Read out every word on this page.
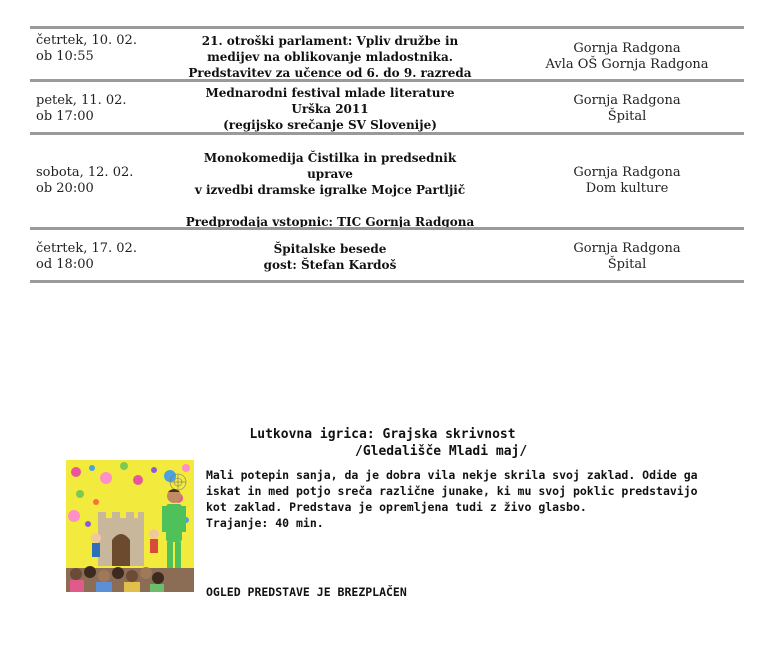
četrtek, 10. 02.
ob 10:55
21. otroški parlament: Vpliv družbe in
medijev na oblikovanje mladostnika.
Predstavitev za učence od 6. do 9. razreda
Gornja Radgona
Avla OŠ Gornja Radgona
petek, 11. 02.
ob 17:00
Mednarodni festival mlade literature
Urška 2011
(regijsko srečanje SV Slovenije)
Gornja Radgona
Špital
sobota, 12. 02.
ob 20:00
Monokomedija Čistilka in predsednik
uprave
v izvedbi dramske igralke Mojce Partljič
Predprodaja vstopnic: TIC Gornja Radgona
Gornja Radgona
Dom kulture
četrtek, 17. 02.
od 18:00
Špitalske besede
gost: Štefan Kardoš
Gornja Radgona
Špital
Lutkovna igrica: Grajska skrivnost
/Gledališče Mladi maj/
Mali potepin sanja, da je dobra vila nekje skrila svoj zaklad. Odide ga
iskat in med potjo sreča različne junake, ki mu svoj poklic predstavijo
kot zaklad. Predstava je opremljena tudi z živo glasbo.
Trajanje: 40 min.
OGLED PREDSTAVE JE BREZPLAČEN
